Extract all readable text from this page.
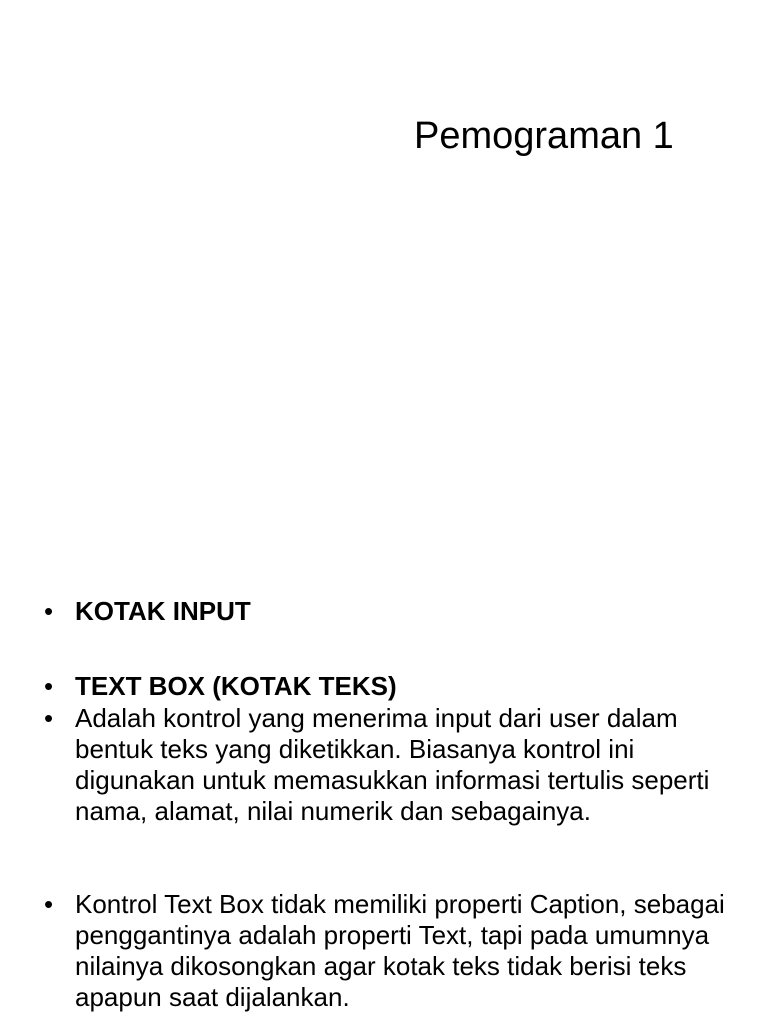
Pemograman 1
• KOTAK INPUT
• TEXT BOX (KOTAK TEKS)
• Adalah kontrol yang menerima input dari user dalam bentuk teks yang diketikkan. Biasanya kontrol ini digunakan untuk memasukkan informasi tertulis seperti nama, alamat, nilai numerik dan sebagainya.
• Kontrol Text Box tidak memiliki properti Caption, sebagai penggantinya adalah properti Text, tapi pada umumnya nilainya dikosongkan agar kotak teks tidak berisi teks apapun saat dijalankan.
